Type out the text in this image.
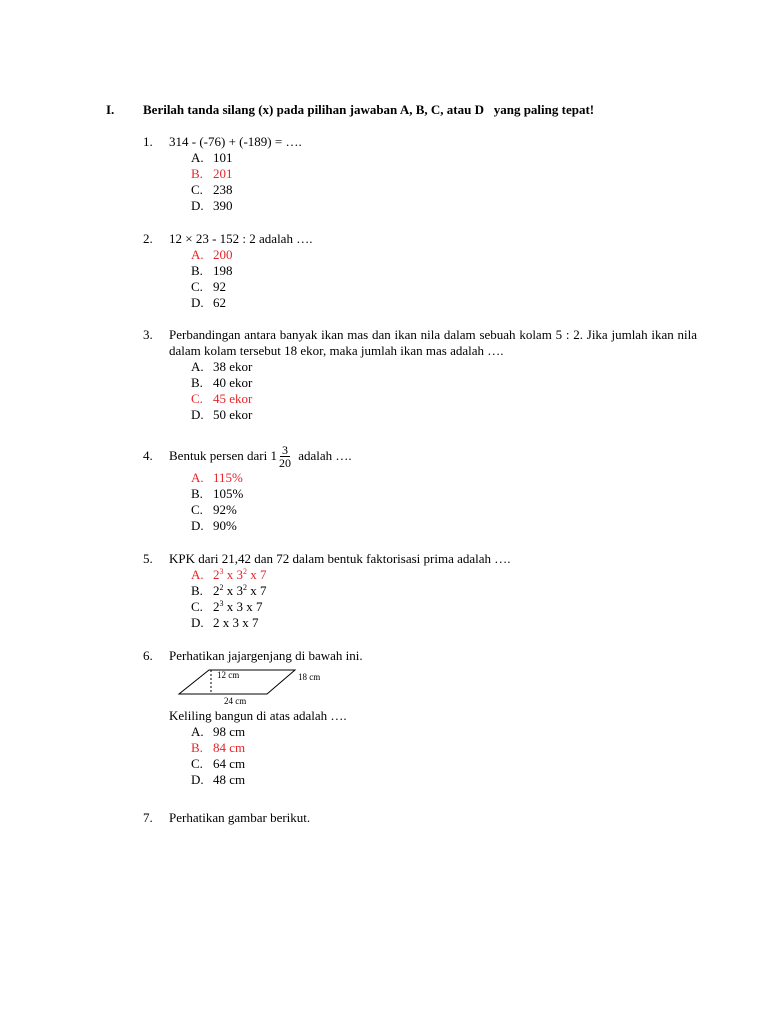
I. Berilah tanda silang (x) pada pilihan jawaban A, B, C, atau D   yang paling tepat!
1. 314 - (-76) + (-189) = ….
A. 101
B. 201
C. 238
D. 390
2. 12 × 23 - 152 : 2 adalah ….
A. 200
B. 198
C. 92
D. 62
3. Perbandingan antara banyak ikan mas dan ikan nila dalam sebuah kolam 5 : 2. Jika jumlah ikan nila dalam kolam tersebut 18 ekor, maka jumlah ikan mas adalah ….
A. 38 ekor
B. 40 ekor
C. 45 ekor
D. 50 ekor
4. Bentuk persen dari $1 \frac{3}{20}$ adalah ….
A. 115%
B. 105%
C. 92%
D. 90%
5. KPK dari 21,42 dan 72 dalam bentuk faktorisasi prima adalah ….
A. $2^3$ x $3^2$ x 7
B. $2^2$ x $3^2$ x 7
C. $2^3$ x 3 x 7
D. 2 x 3 x 7
6. Perhatikan jajargenjang di bawah ini.
12 cm	18 cm
24 cm
Keliling bangun di atas adalah ….
A. 98 cm
B. 84 cm
C. 64 cm
D. 48 cm
7. Perhatikan gambar berikut.
